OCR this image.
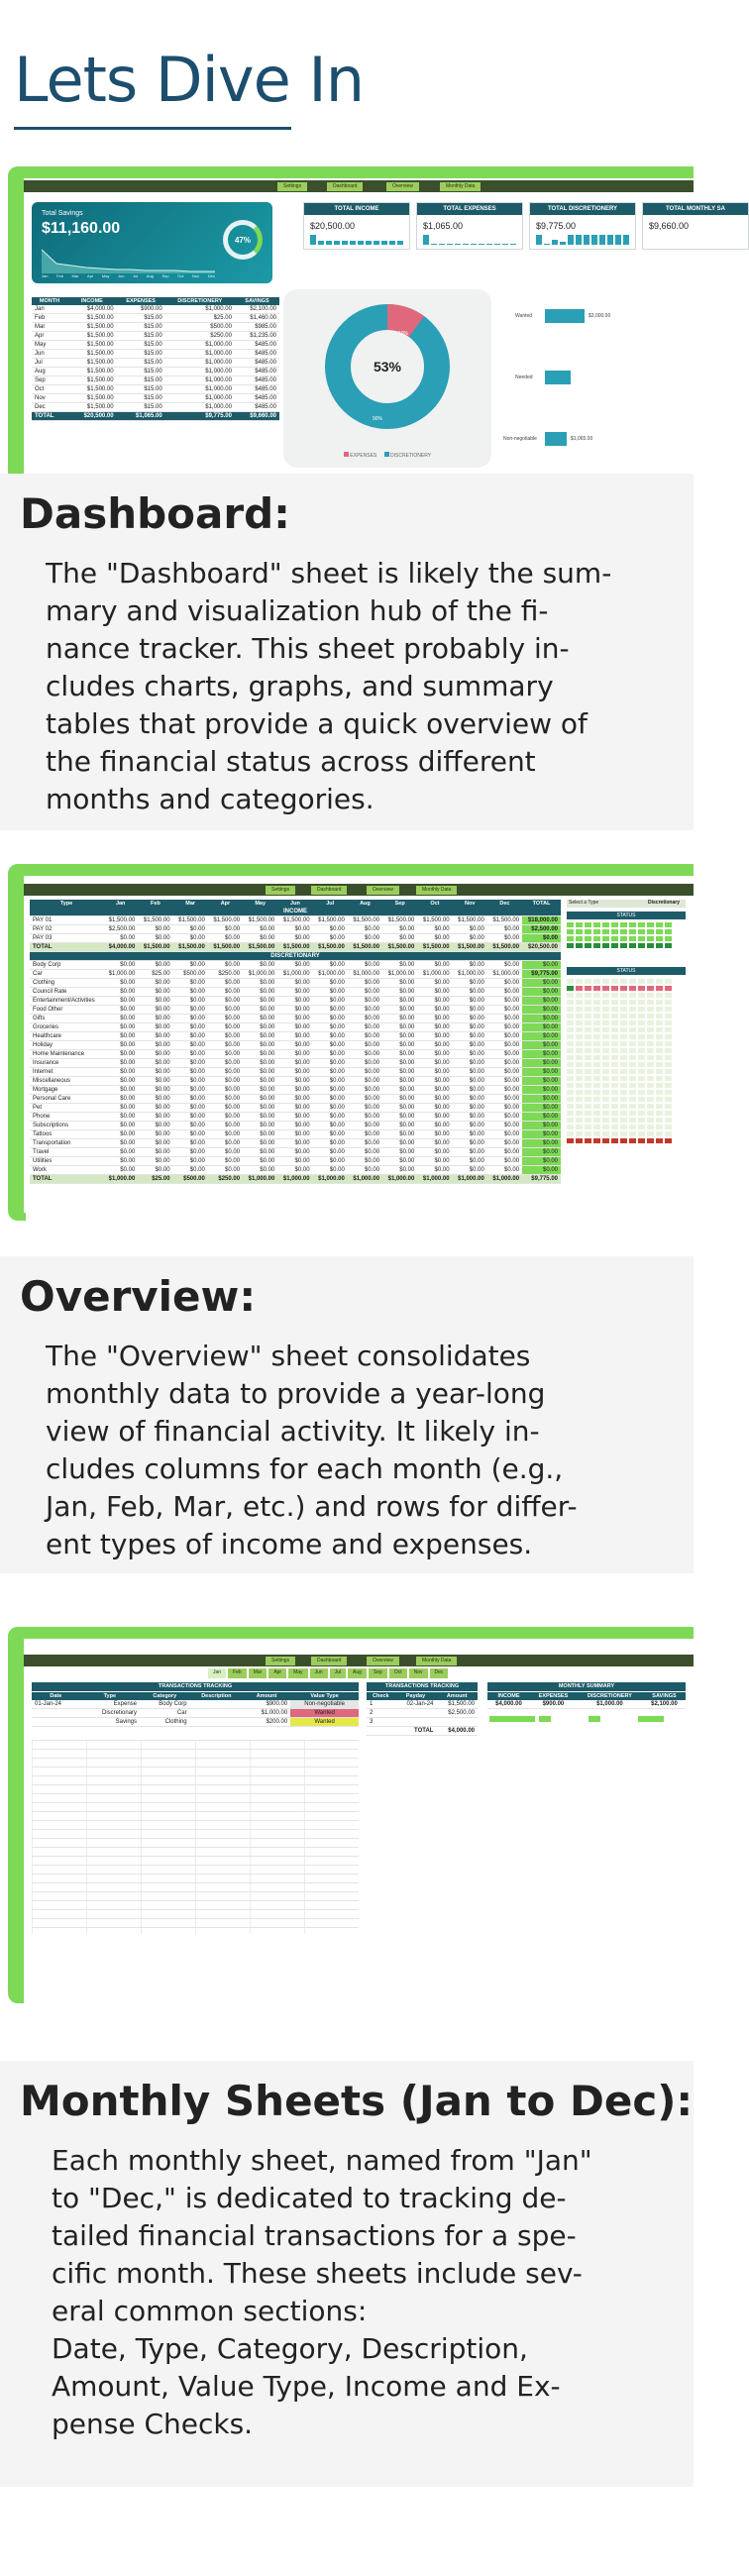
Lets Dive In
Settings	Dashboard	Overview	Monthly Data
Total Savings
$11,160.00
Jan Feb Mar Apr May Jun Jul Aug Sep Oct Nov Dec
47%
TOTAL INCOME
$20,500.00
TOTAL EXPENSES
$1,065.00
TOTAL DISCRETIONERY
$9,775.00
TOTAL MONTHLY SA
$9,660.00
MONTH	INCOME	EXPENSES	DISCRETIONERY	SAVINGS
Jan	$4,000.00	$900.00	$1,000.00	$2,100.00
Feb	$1,500.00	$15.00	$25.00	$1,460.00
Mar	$1,500.00	$15.00	$500.00	$985.00
Apr	$1,500.00	$15.00	$250.00	$1,235.00
May	$1,500.00	$15.00	$1,000.00	$485.00
Jun	$1,500.00	$15.00	$1,000.00	$485.00
Jul	$1,500.00	$15.00	$1,000.00	$485.00
Aug	$1,500.00	$15.00	$1,000.00	$485.00
Sep	$1,500.00	$15.00	$1,000.00	$485.00
Oct	$1,500.00	$15.00	$1,000.00	$485.00
Nov	$1,500.00	$15.00	$1,000.00	$485.00
Dec	$1,500.00	$15.00	$1,000.00	$485.00
TOTAL	$20,500.00	$1,065.00	$9,775.00	$9,660.00
53%
10%
90%
EXPENSES	DISCRETIONERY
Wanted	$3,000.00
Needed
Non-negotiable	$1,065.00
Dashboard:
The "Dashboard" sheet is likely the sum-
mary and visualization hub of the fi-
nance tracker. This sheet probably in-
cludes charts, graphs, and summary
tables that provide a quick overview of
the financial status across different
months and categories.
Settings	Dashboard	Overview	Monthly Data
Type	Jan	Feb	Mar	Apr	May	Jun	Jul	Aug	Sep	Oct	Nov	Dec	TOTAL
INCOME													
PAY 01	$1,500.00	$1,500.00	$1,500.00	$1,500.00	$1,500.00	$1,500.00	$1,500.00	$1,500.00	$1,500.00	$1,500.00	$1,500.00	$1,500.00	$18,000.00
PAY 02	$2,500.00	$0.00	$0.00	$0.00	$0.00	$0.00	$0.00	$0.00	$0.00	$0.00	$0.00	$0.00	$2,500.00
PAY 03	$0.00	$0.00	$0.00	$0.00	$0.00	$0.00	$0.00	$0.00	$0.00	$0.00	$0.00	$0.00	$0.00
TOTAL	$4,000.00	$1,500.00	$1,500.00	$1,500.00	$1,500.00	$1,500.00	$1,500.00	$1,500.00	$1,500.00	$1,500.00	$1,500.00	$1,500.00	$20,500.00
DISCRETIONARY													
Body Corp	$0.00	$0.00	$0.00	$0.00	$0.00	$0.00	$0.00	$0.00	$0.00	$0.00	$0.00	$0.00	$0.00
Car	$1,000.00	$25.00	$500.00	$250.00	$1,000.00	$1,000.00	$1,000.00	$1,000.00	$1,000.00	$1,000.00	$1,000.00	$1,000.00	$9,775.00
Clothing	$0.00	$0.00	$0.00	$0.00	$0.00	$0.00	$0.00	$0.00	$0.00	$0.00	$0.00	$0.00	$0.00
Council Rate	$0.00	$0.00	$0.00	$0.00	$0.00	$0.00	$0.00	$0.00	$0.00	$0.00	$0.00	$0.00	$0.00
Entertainment/Activities	$0.00	$0.00	$0.00	$0.00	$0.00	$0.00	$0.00	$0.00	$0.00	$0.00	$0.00	$0.00	$0.00
Food Other	$0.00	$0.00	$0.00	$0.00	$0.00	$0.00	$0.00	$0.00	$0.00	$0.00	$0.00	$0.00	$0.00
Gifts	$0.00	$0.00	$0.00	$0.00	$0.00	$0.00	$0.00	$0.00	$0.00	$0.00	$0.00	$0.00	$0.00
Groceries	$0.00	$0.00	$0.00	$0.00	$0.00	$0.00	$0.00	$0.00	$0.00	$0.00	$0.00	$0.00	$0.00
Healthcare	$0.00	$0.00	$0.00	$0.00	$0.00	$0.00	$0.00	$0.00	$0.00	$0.00	$0.00	$0.00	$0.00
Holiday	$0.00	$0.00	$0.00	$0.00	$0.00	$0.00	$0.00	$0.00	$0.00	$0.00	$0.00	$0.00	$0.00
Home Maintenance	$0.00	$0.00	$0.00	$0.00	$0.00	$0.00	$0.00	$0.00	$0.00	$0.00	$0.00	$0.00	$0.00
Insurance	$0.00	$0.00	$0.00	$0.00	$0.00	$0.00	$0.00	$0.00	$0.00	$0.00	$0.00	$0.00	$0.00
Internet	$0.00	$0.00	$0.00	$0.00	$0.00	$0.00	$0.00	$0.00	$0.00	$0.00	$0.00	$0.00	$0.00
Miscellaneous	$0.00	$0.00	$0.00	$0.00	$0.00	$0.00	$0.00	$0.00	$0.00	$0.00	$0.00	$0.00	$0.00
Mortgage	$0.00	$0.00	$0.00	$0.00	$0.00	$0.00	$0.00	$0.00	$0.00	$0.00	$0.00	$0.00	$0.00
Personal Care	$0.00	$0.00	$0.00	$0.00	$0.00	$0.00	$0.00	$0.00	$0.00	$0.00	$0.00	$0.00	$0.00
Pet	$0.00	$0.00	$0.00	$0.00	$0.00	$0.00	$0.00	$0.00	$0.00	$0.00	$0.00	$0.00	$0.00
Phone	$0.00	$0.00	$0.00	$0.00	$0.00	$0.00	$0.00	$0.00	$0.00	$0.00	$0.00	$0.00	$0.00
Subscriptions	$0.00	$0.00	$0.00	$0.00	$0.00	$0.00	$0.00	$0.00	$0.00	$0.00	$0.00	$0.00	$0.00
Tattoos	$0.00	$0.00	$0.00	$0.00	$0.00	$0.00	$0.00	$0.00	$0.00	$0.00	$0.00	$0.00	$0.00
Transportation	$0.00	$0.00	$0.00	$0.00	$0.00	$0.00	$0.00	$0.00	$0.00	$0.00	$0.00	$0.00	$0.00
Travel	$0.00	$0.00	$0.00	$0.00	$0.00	$0.00	$0.00	$0.00	$0.00	$0.00	$0.00	$0.00	$0.00
Utilities	$0.00	$0.00	$0.00	$0.00	$0.00	$0.00	$0.00	$0.00	$0.00	$0.00	$0.00	$0.00	$0.00
Work	$0.00	$0.00	$0.00	$0.00	$0.00	$0.00	$0.00	$0.00	$0.00	$0.00	$0.00	$0.00	$0.00
TOTAL	$1,000.00	$25.00	$500.00	$250.00	$1,000.00	$1,000.00	$1,000.00	$1,000.00	$1,000.00	$1,000.00	$1,000.00	$1,000.00	$9,775.00
Select a Type	Discretionary
STATUS
STATUS
Overview:
The "Overview" sheet consolidates
monthly data to provide a year-long
view of financial activity. It likely in-
cludes columns for each month (e.g.,
Jan, Feb, Mar, etc.) and rows for differ-
ent types of income and expenses.
Settings	Dashboard	Overview	Monthly Data
Jan	Feb	Mar	Apr	May	Jun	Jul	Aug	Sep	Oct	Nov	Dec
TRANSACTIONS TRACKING
Date	Type	Category	Description	Amount	Value Type
01-Jan-24	Expense	Body Corp		$900.00	Non-negotiable
	Discretionary	Car		$1,000.00	Wanted
	Savings	Clothing		$200.00	Wanted
TRANSACTIONS TRACKING
Check	Payday	Amount
1	02-Jan-24	$1,500.00
2		$2,500.00
3		
	TOTAL	$4,000.00
MONTHLY SUMMARY
INCOME	EXPENSES	DISCRETIONERY	SAVINGS
$4,000.00	$900.00	$1,000.00	$2,100.00
Monthly Sheets (Jan to Dec):
Each monthly sheet, named from "Jan"
to "Dec," is dedicated to tracking de-
tailed financial transactions for a spe-
cific month. These sheets include sev-
eral common sections:
Date, Type, Category, Description,
Amount, Value Type, Income and Ex-
pense Checks.
